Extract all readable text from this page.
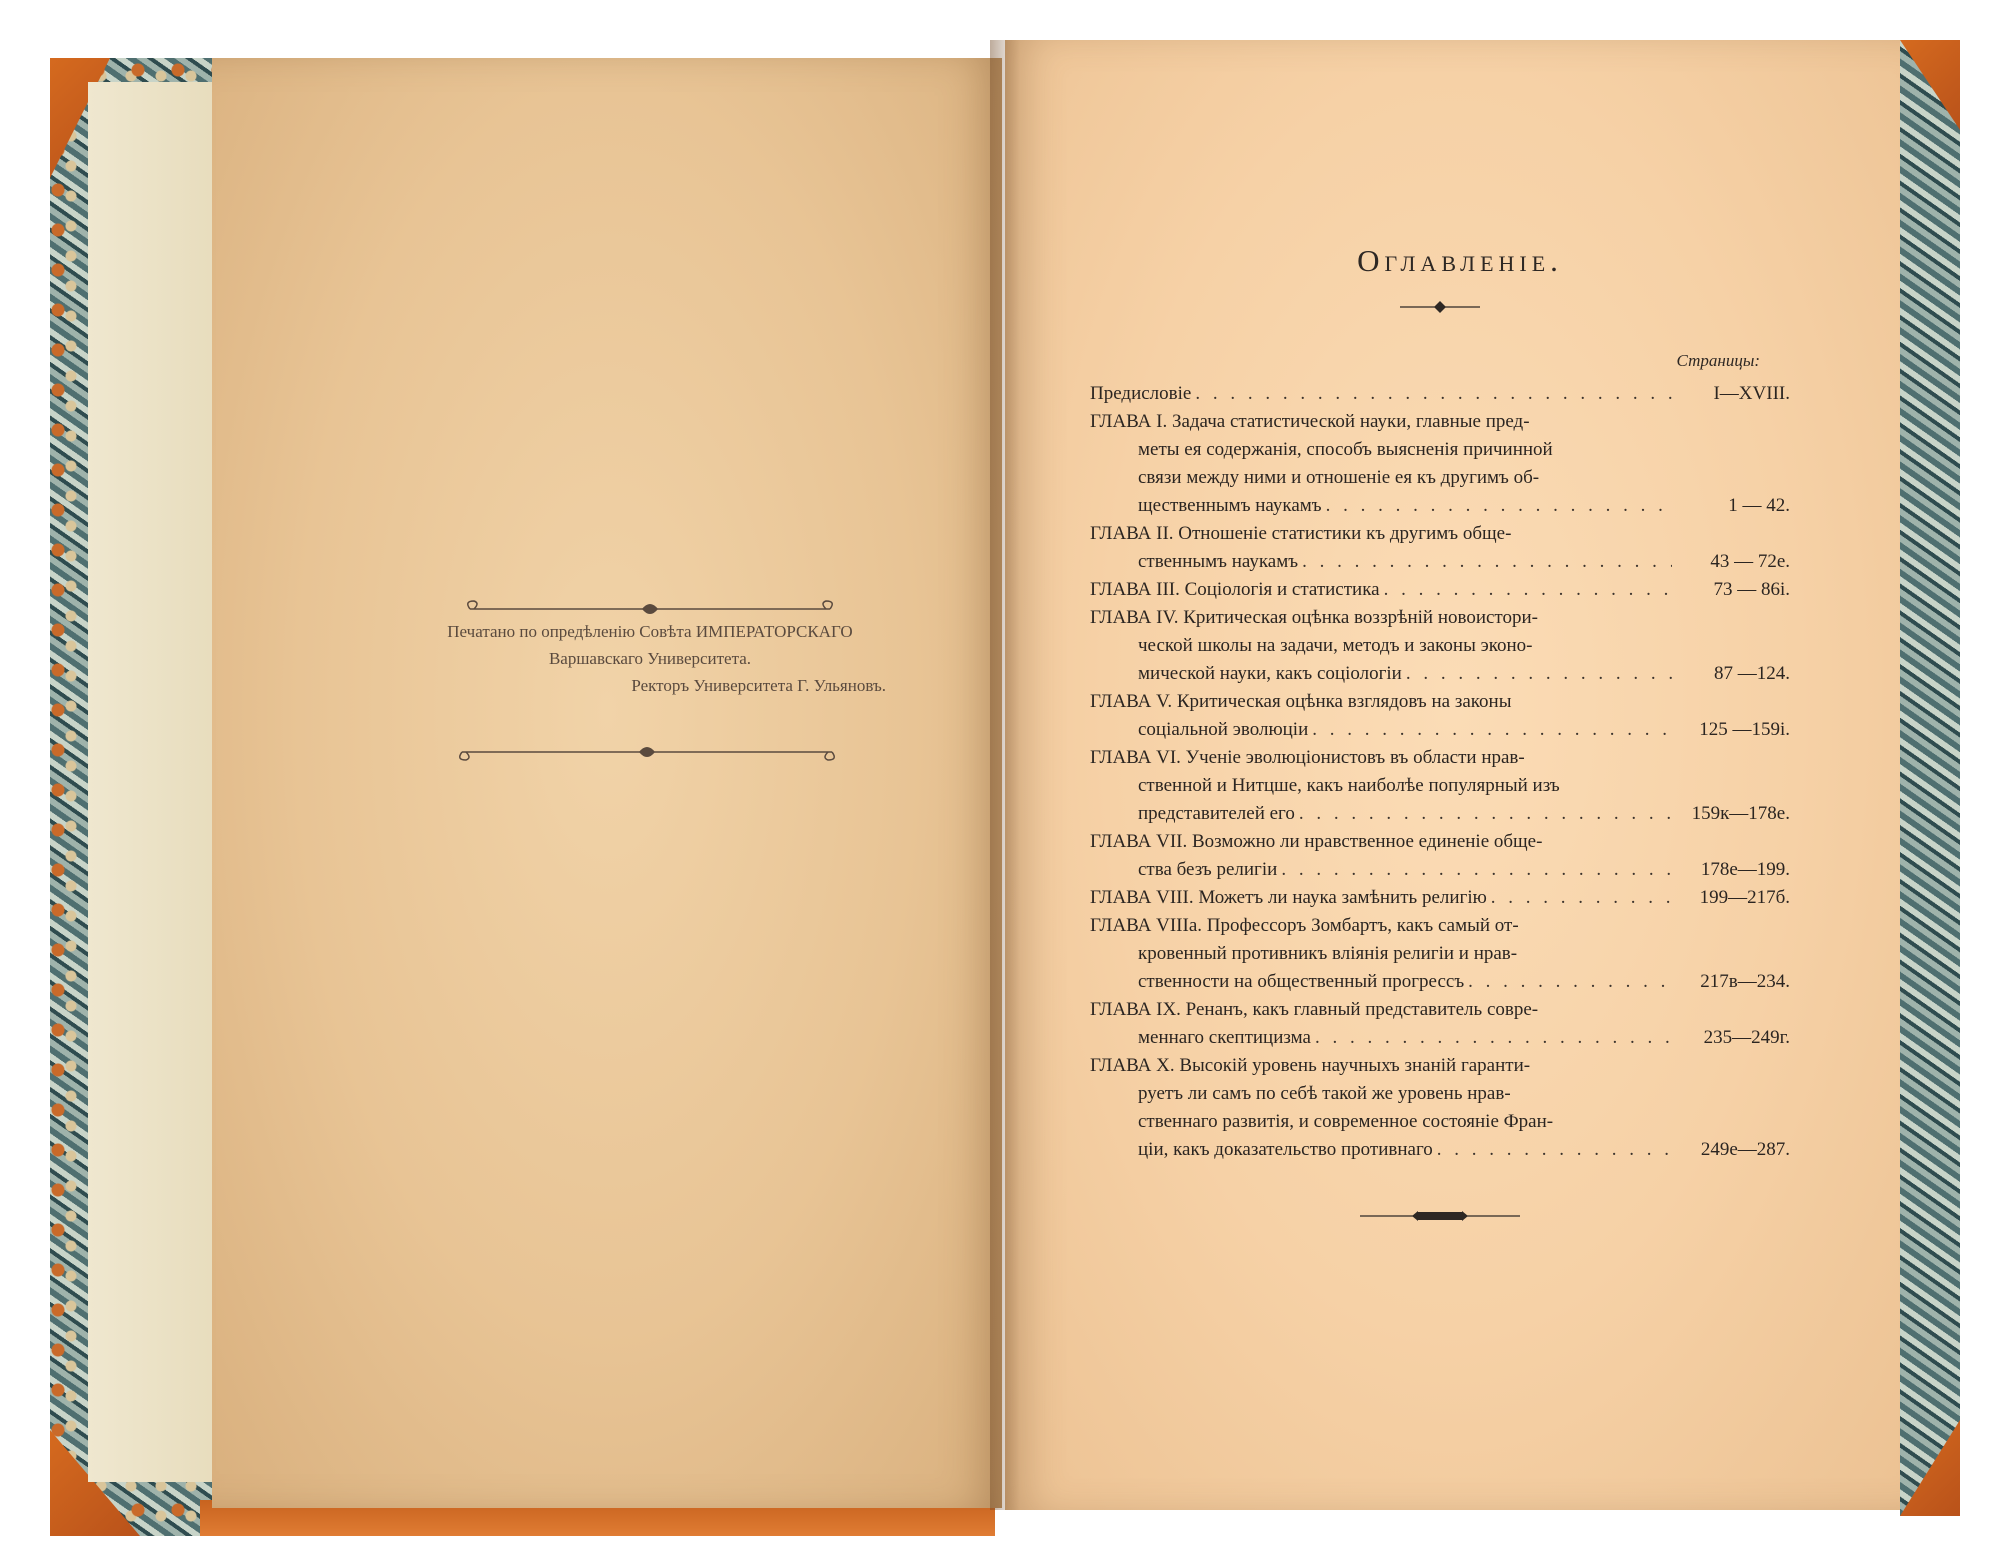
Печатано по опредѣленію Совѣта ИМПЕРАТОРСКАГО
Варшавскаго Университета.
Ректоръ Университета Г. Ульяновъ.
Оглавленіе.
Страницы:
Предисловіе . . .	I—XVIII.
ГЛАВА I. Задача статистической науки, главные пред-
меты ея содержанія, способъ выясненія причинной
связи между ними и отношеніе ея къ другимъ об-
щественнымъ наукамъ . . .	1 — 42.
ГЛАВА II. Отношеніе статистики къ другимъ обще-
ственнымъ наукамъ . . .	43 — 72е.
ГЛАВА III. Соціологія и статистика . . .	73 — 86і.
ГЛАВА IV. Критическая оцѣнка воззрѣній новоистори-
ческой школы на задачи, методъ и законы эконо-
мической науки, какъ соціологіи . . .	87 —124.
ГЛАВА V. Критическая оцѣнка взглядовъ на законы
соціальной эволюціи . . .	125 —159і.
ГЛАВА VI. Ученіе эволюціонистовъ въ области нрав-
ственной и Нитцше, какъ наиболѣе популярный изъ
представителей его . . .	159к—178е.
ГЛАВА VII. Возможно ли нравственное единеніе обще-
ства безъ религіи . . .	178е—199.
ГЛАВА VIII. Можетъ ли наука замѣнить религію . . .	199—217б.
ГЛАВА VIIIа. Профессоръ Зомбартъ, какъ самый от-
кровенный противникъ вліянія религіи и нрав-
ственности на общественный прогрессъ . . .	217в—234.
ГЛАВА IX. Ренанъ, какъ главный представитель совре-
меннаго скептицизма . . .	235—249г.
ГЛАВА X. Высокій уровень научныхъ знаній гаранти-
руетъ ли самъ по себѣ такой же уровень нрав-
ственнаго развитія, и современное состояніе Фран-
ціи, какъ доказательство противнаго . . .	249е—287.
